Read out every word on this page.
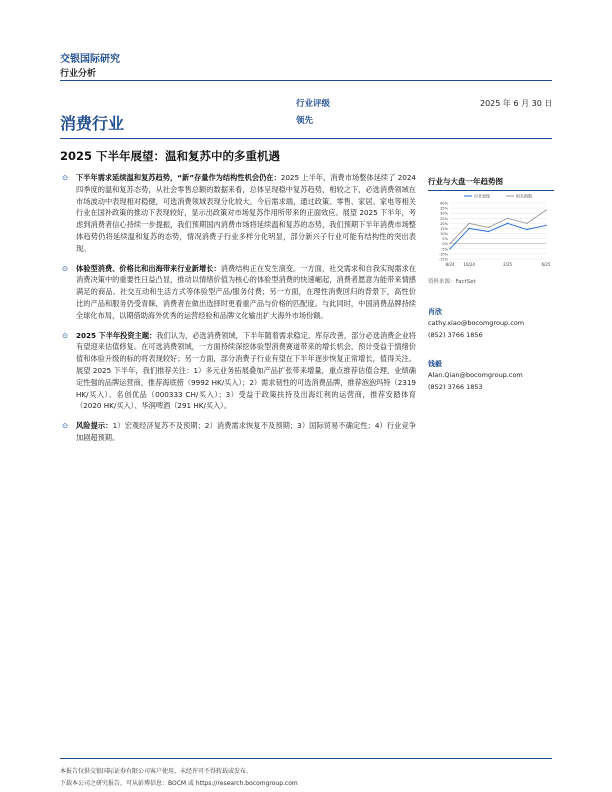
交银国际研究
行业分析
消费行业
行业评级
领先
2025 年 6 月 30 日
2025 下半年展望：温和复苏中的多重机遇
⊙ 下半年需求延续温和复苏趋势，“新”存量作为结构性机会仍在：2025 上半年，消费市场整体延续了 2024 四季度的温和复苏态势，从社会零售总额的数据来看，总体呈现稳中复苏趋势，相较之下，必选消费领域在市场波动中表现相对稳健，可选消费领域表现分化较大。今后需求端，通过政策、零售、家居、家电等相关行业在国补政策的推动下表现较好，显示出政策对市场复苏作用所带来的正面效应。展望 2025 下半年，考虑到消费者信心持续一步提振，我们预期国内消费市场将延续温和复苏的态势，我们预期下半年消费市场整体趋势仍将延续温和复苏的态势，情况消费子行业多样分化明显，部分新兴子行业可能有结构性的突出表现。
⊙ 体验型消费、价格比和出海带来行业新增长：消费结构正在发生演变。一方面，社交需求和自我实现需求在消费决策中的重要性日益凸显，推动以情绪价值为核心的体验型消费的快速崛起，消费者愿意为能带来情感满足的商品、社交互动和生活方式等体验型产品/服务付费；另一方面，在理性消费回归的背景下，高性价比的产品和服务仍受青睐，消费者在做出选择时更看重产品与价格的匹配度。与此同时，中国消费品牌持续全球化布局，以期借助海外优秀的运营经验和品牌文化输出扩大海外市场份额。
⊙ 2025 下半年投资主题：我们认为，必选消费领域，下半年随着需求稳定、库存改善，部分必选消费企业将有望迎来估值修复。在可选消费领域，一方面持续深挖体验型消费赛道带来的增长机会，预计受益于情绪价值和体验升级的标的将表现较好；另一方面，部分消费子行业有望在下半年逐步恢复正常增长，值得关注。展望 2025 下半年，我们推荐关注：1）多元业务拓展叠加产品扩张带来增量，重点推荐估值合理、业绩确定性强的品牌运营商，推荐海底捞（9992 HK/买入）；2）需求韧性的可选消费品牌，推荐泡泡玛特（2319 HK/买入）、名创优品（000333 CH/买入）；3）受益于政策扶持及出海红利的运营商，推荐安踏体育（2020 HK/买入）、华润啤酒（291 HK/买入）。
⊙ 风险提示：1）宏观经济复苏不及预期；2）消费需求恢复不及预期；3）国际贸易不确定性；4）行业竞争加剧超预期。
行业与大盘一年趋势图
40%
35%
30%
25%
20%
15%
10%
5%
0%
-5%
-10%
-15%
8/24 10/24	2/25	6/25
行业表现	恒生指数
资料来源：FactSet
肖欣
cathy.xiao@bocomgroup.com
(852) 3766 1856
钱毅
Alan.Qian@bocomgroup.com
(852) 3766 1853
本报告仅供交银国际证券有限公司客户使用，未经许可不得转载或发布。
下载本公司之研究报告，可从彭博信息：BOCM 或 https://research.bocomgroup.com
